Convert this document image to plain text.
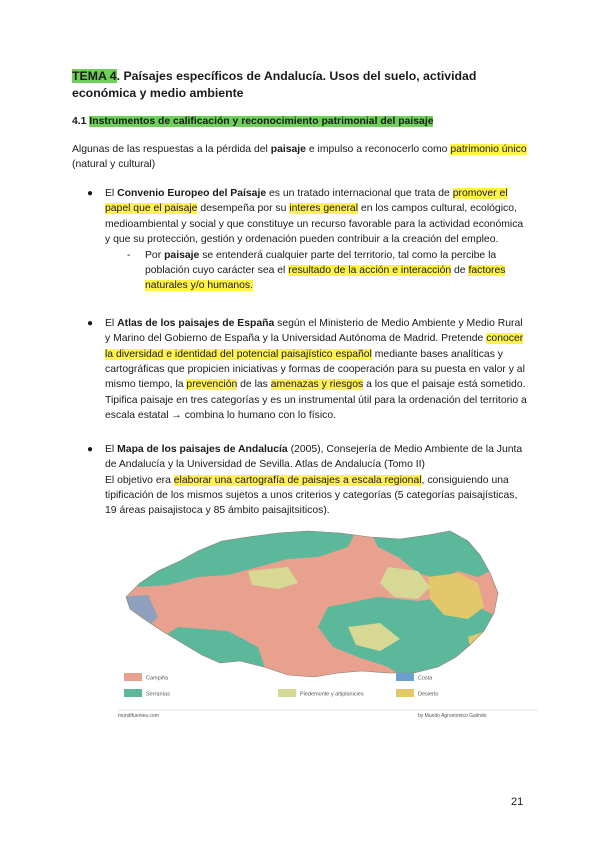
TEMA 4. Paísajes específicos de Andalucía. Usos del suelo, actividad económica y medio ambiente

4.1 Instrumentos de calificación y reconocimiento patrimonial del paisaje
Algunas de las respuestas a la pérdida del paisaje e impulso a reconocerlo como patrimonio único (natural y cultural)
● El Convenio Europeo del Paísaje es un tratado internacional que trata de promover el papel que el paisaje desempeña por su interes general en los campos cultural, ecológico, medioambiental y social y que constituye un recurso favorable para la actividad económica y que su protección, gestión y ordenación pueden contribuir a la creación del empleo.
- Por paisaje se entenderá cualquier parte del territorio, tal como la percibe la población cuyo carácter sea el resultado de la acción e interacción de factores naturales y/o humanos.
● El Atlas de los paisajes de España según el Ministerio de Medio Ambiente y Medio Rural y Marino del Gobierno de España y la Universidad Autónoma de Madrid. Pretende conocer la diversidad e identidad del potencial paisajístico español mediante bases analíticas y cartográficas que propicien iniciativas y formas de cooperación para su puesta en valor y al mismo tiempo, la prevención de las amenazas y riesgos a los que el paisaje está sometido. Tipifica paisaje en tres categorías y es un instrumental útil para la ordenación del territorio a escala estatal → combina lo humano con lo físico.
● El Mapa de los paisajes de Andalucía (2005), Consejería de Medio Ambiente de la Junta de Andalucía y la Universidad de Sevilla. Atlas de Andalucía (Tomo II)
El objetivo era elaborar una cartografía de paisajes a escala regional, consiguiendo una tipificación de los mismos sujetos a unos criterios y categorías (5 categorías paisajísticas, 19 áreas paisajistoca y 85 ámbito paisajitsiticos).
Campiña
Serranías	Piedemonte y altiplanicies
Costa
Desierto
mundifuentes.com	by Mundo Agronómico Galindo
21
